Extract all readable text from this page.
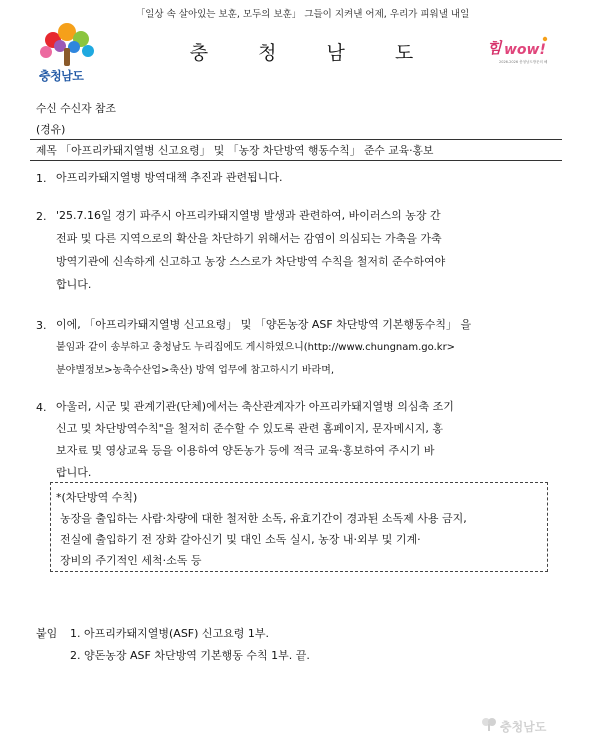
「일상 속 살아있는 보훈, 모두의 보훈」 그들이 지켜낸 어제, 우리가 피워낼 내일
충청남도
충 청 남 도	힘 wow!
2026-2026 충청남도방문의 해
수신 수신자 참조
(경유)
제목 「아프리카돼지열병 신고요령」 및 「농장 차단방역 행동수칙」 준수 교육·홍보
1. 아프리카돼지열병 방역대책 추진과 관련됩니다.
2. '25.7.16일 경기 파주시 아프리카돼지열병 발생과 관련하여, 바이러스의 농장 간
전파 및 다른 지역으로의 확산을 차단하기 위해서는 감염이 의심되는 가축을 가축
방역기관에 신속하게 신고하고 농장 스스로가 차단방역 수칙을 철저히 준수하여야
합니다.
3. 이에, 「아프리카돼지열병 신고요령」 및 「양돈농장 ASF 차단방역 기본행동수칙」 을
붙임과 같이 송부하고 충청남도 누리집에도 게시하였으니(http://www.chungnam.go.kr>
분야별정보>농축수산업>축산) 방역 업무에 참고하시기 바라며,
4. 아울러, 시군 및 관계기관(단체)에서는 축산관계자가 아프리카돼지열병 의심축 조기
신고 및 차단방역수칙"을 철저히 준수할 수 있도록 관련 홈페이지, 문자메시지, 홍
보자료 및 영상교육 등을 이용하여 양돈농가 등에 적극 교육·홍보하여 주시기 바
랍니다.
*(차단방역 수칙)
농장을 출입하는 사람·차량에 대한 철저한 소독, 유효기간이 경과된 소독제 사용 금지,
전실에 출입하기 전 장화 갈아신기 및 대인 소독 실시, 농장 내·외부 및 기계·
장비의 주기적인 세척·소독 등
붙임 1. 아프리카돼지열병(ASF) 신고요령 1부.
2. 양돈농장 ASF 차단방역 기본행동 수칙 1부. 끝.
충청남도
